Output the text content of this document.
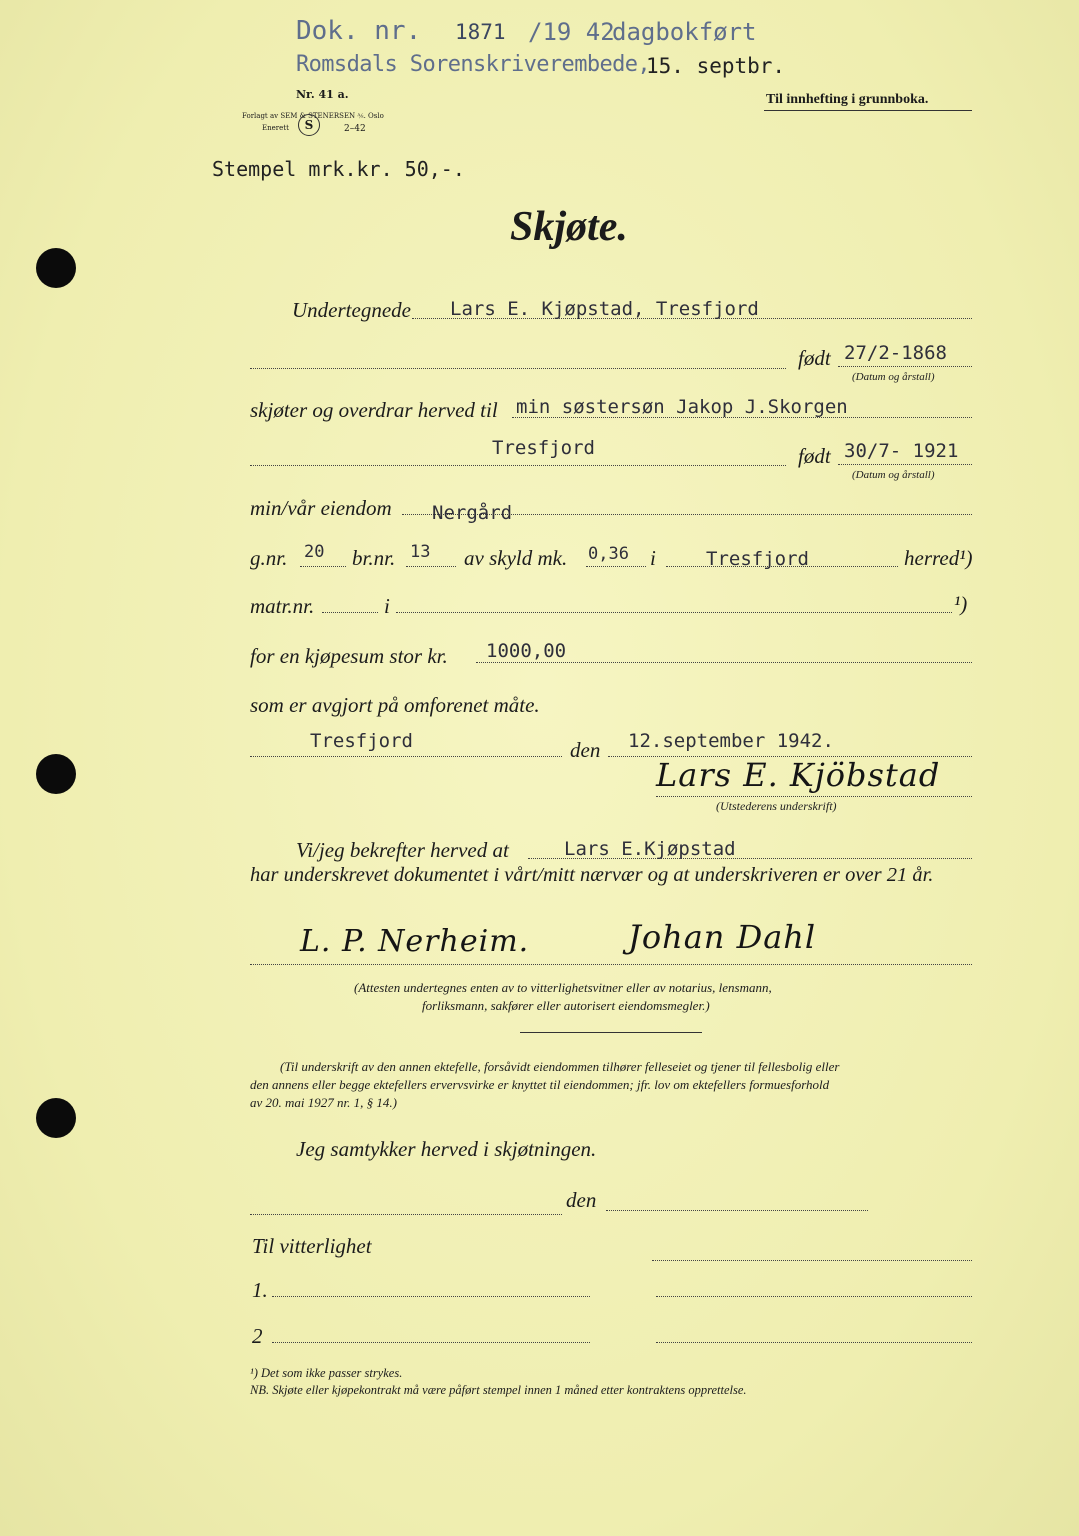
Dok. nr. 1871 /19 42
dagbokført
Romsdals Sorenskriverembede,
15. septbr.
Nr. 41 a.
Forlagt av SEM & STENERSEN ⅍. Oslo
Enerett	S	2–42
Til innhefting i grunnboka.
Stempel mrk.kr. 50,-.
Skjøte.
Undertegnede Lars E. Kjøpstad, Tresfjord
født 27/2-1868
(Datum og årstall)
skjøter og overdrar herved til min søstersøn Jakop J.Skorgen
Tresfjord	født 30/7- 1921
(Datum og årstall)
min/vår eiendom Nergård
g.nr. 20 br.nr. 13 av skyld mk. 0,36 i	Tresfjord	herred¹)
matr.nr.	i	¹)
for en kjøpesum stor kr. 1000,00
som er avgjort på omforenet måte.
Tresfjord	den 12.september 1942.
Lars E. Kjöbstad
(Utstederens underskrift)
Vi/jeg bekrefter herved at	Lars E.Kjøpstad
har underskrevet dokumentet i vårt/mitt nærvær og at underskriveren er over 21 år.
L. P. Nerheim.	Johan Dahl
(Attesten undertegnes enten av to vitterlighetsvitner eller av notarius, lensmann,
forliksmann, sakfører eller autorisert eiendomsmegler.)
(Til underskrift av den annen ektefelle, forsåvidt eiendommen tilhører felleseiet og tjener til fellesbolig eller
den annens eller begge ektefellers ervervsvirke er knyttet til eiendommen; jfr. lov om ektefellers formuesforhold
av 20. mai 1927 nr. 1, § 14.)
Jeg samtykker herved i skjøtningen.
den
Til vitterlighet
1.
2
¹) Det som ikke passer strykes.
NB. Skjøte eller kjøpekontrakt må være påført stempel innen 1 måned etter kontraktens opprettelse.
